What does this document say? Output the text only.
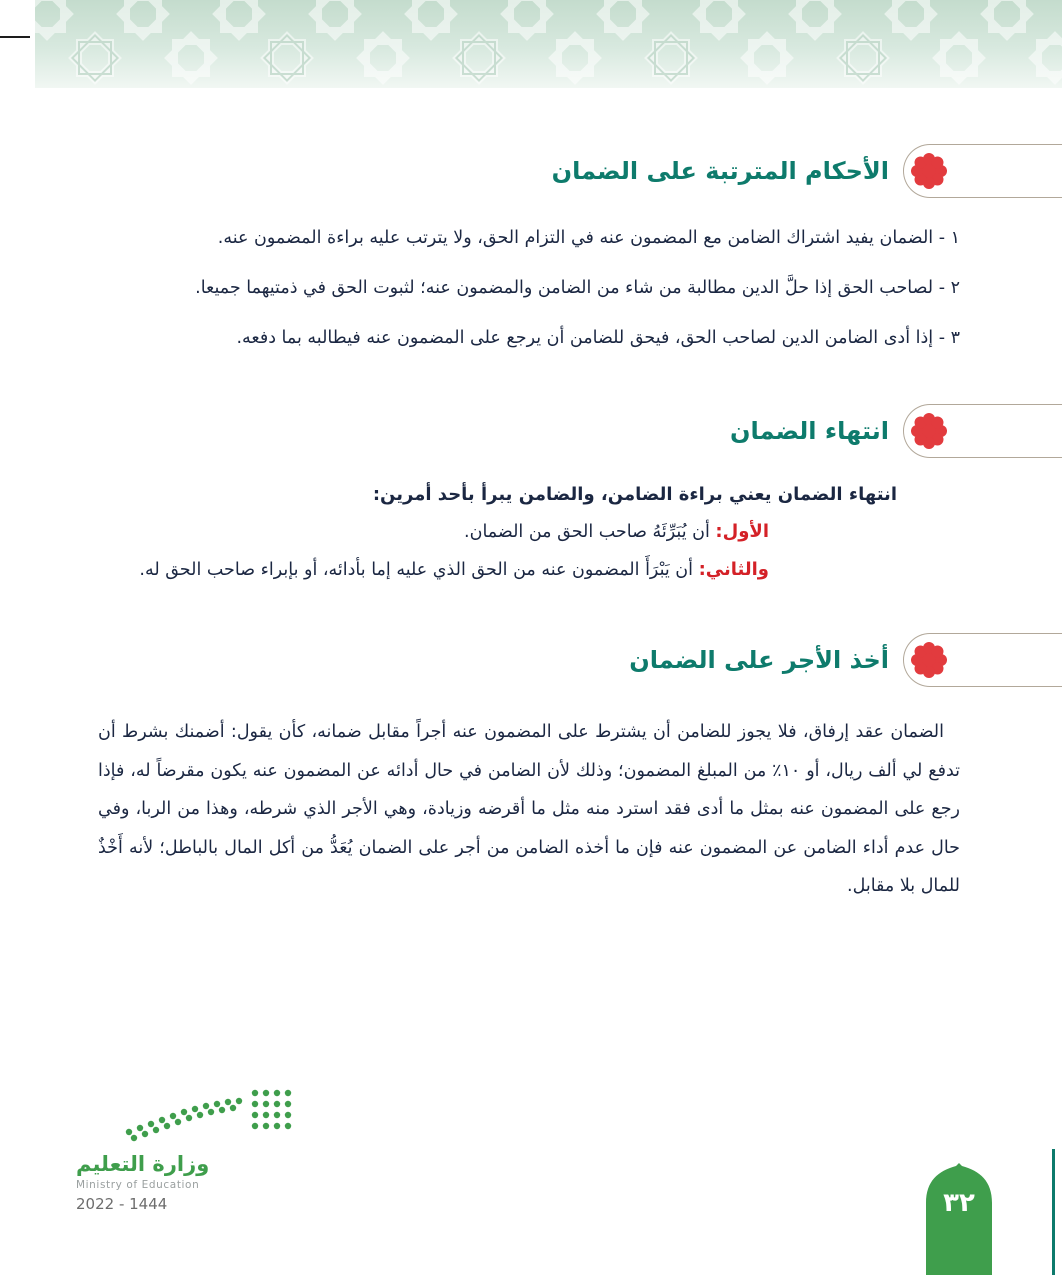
الأحكام المترتبة على الضمان

١ - الضمان يفيد اشتراك الضامن مع المضمون عنه في التزام الحق، ولا يترتب عليه براءة المضمون عنه.

٢ - لصاحب الحق إذا حلَّ الدين مطالبة من شاء من الضامن والمضمون عنه؛ لثبوت الحق في ذمتيهما جميعا.

٣ - إذا أدى الضامن الدين لصاحب الحق، فيحق للضامن أن يرجع على المضمون عنه فيطالبه بما دفعه.

انتهاء الضمان

انتهاء الضمان يعني براءة الضامن، والضامن يبرأ بأحد أمرين:

الأول: أن يُبَرِّئَهُ صاحب الحق من الضمان.

والثاني: أن يَبْرَأَ المضمون عنه من الحق الذي عليه إما بأدائه، أو بإبراء صاحب الحق له.

أخذ الأجر على الضمان

الضمان عقد إرفاق، فلا يجوز للضامن أن يشترط على المضمون عنه أجراً مقابل ضمانه، كأن يقول: أضمنك بشرط أن تدفع لي ألف ريال، أو ١٠٪ من المبلغ المضمون؛ وذلك لأن الضامن في حال أدائه عن المضمون عنه يكون مقرضاً له، فإذا رجع على المضمون عنه بمثل ما أدى فقد استرد منه مثل ما أقرضه وزيادة، وهي الأجر الذي شرطه، وهذا من الربا، وفي حال عدم أداء الضامن عن المضمون عنه فإن ما أخذه الضامن من أجر على الضمان يُعَدُّ من أكل المال بالباطل؛ لأنه أَخْذٌ للمال بلا مقابل.

وزارة التعليم
Ministry of Education
2022 - 1444	٣٢
